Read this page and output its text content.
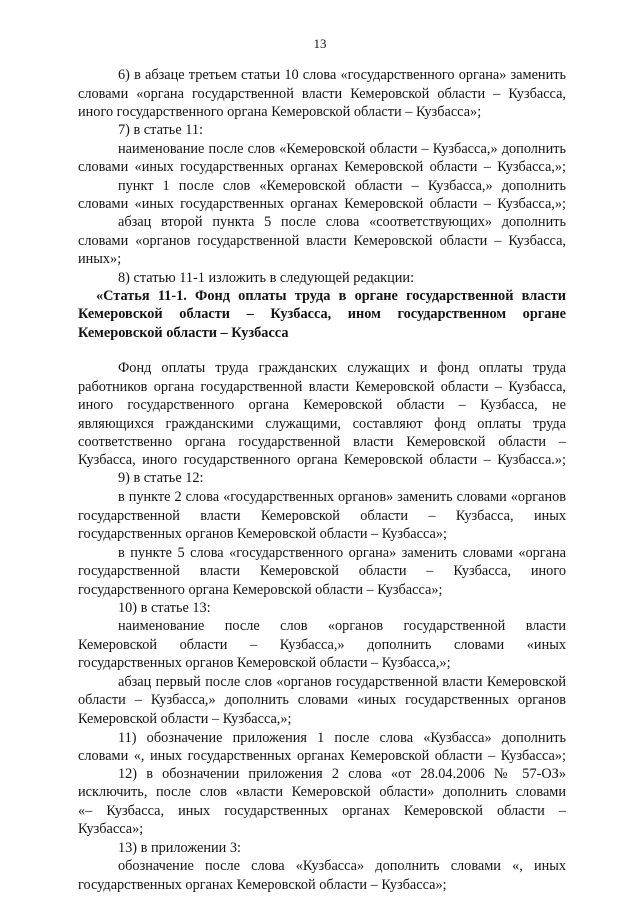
13
6) в абзаце третьем статьи 10 слова «государственного органа» заменить
словами «органа государственной власти Кемеровской области – Кузбасса,
иного государственного органа Кемеровской области – Кузбасса»;
7) в статье 11:
наименование после слов «Кемеровской области – Кузбасса,» дополнить
словами «иных государственных органах Кемеровской области – Кузбасса,»;
пункт 1 после слов «Кемеровской области – Кузбасса,» дополнить
словами «иных государственных органах Кемеровской области – Кузбасса,»;
абзац второй пункта 5 после слова «соответствующих» дополнить
словами «органов государственной власти Кемеровской области – Кузбасса,
иных»;
8) статью 11-1 изложить в следующей редакции:
«Статья 11-1. Фонд оплаты труда в органе государственной власти
Кемеровской области – Кузбасса, ином государственном органе
Кемеровской области – Кузбасса
Фонд оплаты труда гражданских служащих и фонд оплаты труда
работников органа государственной власти Кемеровской области – Кузбасса,
иного государственного органа Кемеровской области – Кузбасса, не
являющихся гражданскими служащими, составляют фонд оплаты труда
соответственно органа государственной власти Кемеровской области –
Кузбасса, иного государственного органа Кемеровской области – Кузбасса.»;
9) в статье 12:
в пункте 2 слова «государственных органов» заменить словами «органов
государственной власти Кемеровской области – Кузбасса, иных
государственных органов Кемеровской области – Кузбасса»;
в пункте 5 слова «государственного органа» заменить словами «органа
государственной власти Кемеровской области – Кузбасса, иного
государственного органа Кемеровской области – Кузбасса»;
10) в статье 13:
наименование после слов «органов государственной власти
Кемеровской области – Кузбасса,» дополнить словами «иных
государственных органов Кемеровской области – Кузбасса,»;
абзац первый после слов «органов государственной власти Кемеровской
области – Кузбасса,» дополнить словами «иных государственных органов
Кемеровской области – Кузбасса,»;
11) обозначение приложения 1 после слова «Кузбасса» дополнить
словами «, иных государственных органах Кемеровской области – Кузбасса»;
12) в обозначении приложения 2 слова «от 28.04.2006 № 57-ОЗ»
исключить, после слов «власти Кемеровской области» дополнить словами
«– Кузбасса, иных государственных органах Кемеровской области –
Кузбасса»;
13) в приложении 3:
обозначение после слова «Кузбасса» дополнить словами «, иных
государственных органах Кемеровской области – Кузбасса»;
